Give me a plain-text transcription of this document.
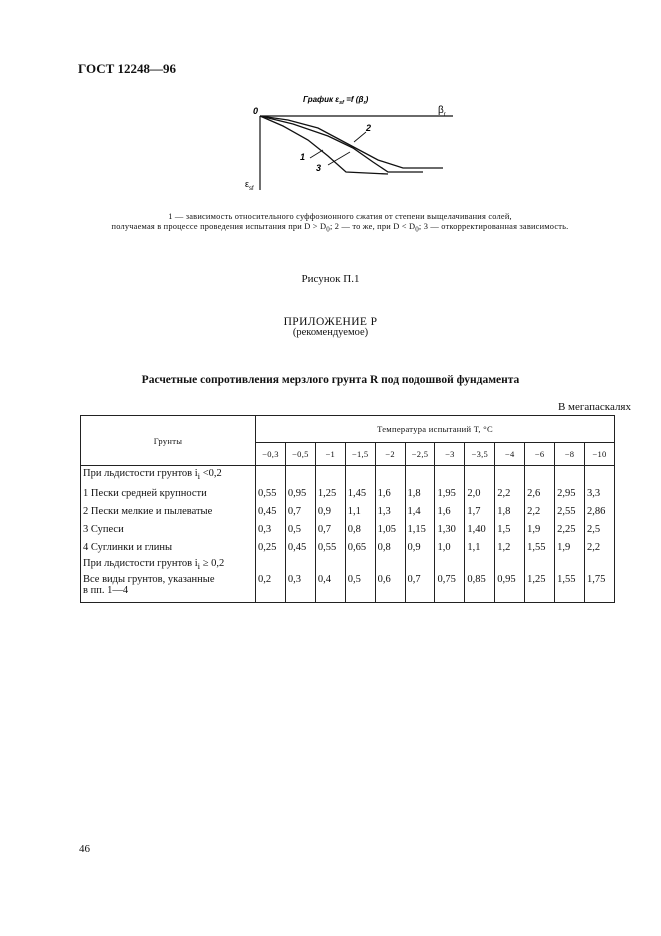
ГОСТ 12248—96
График $\varepsilon_{sf} =f$ $(\beta_r)$
0	$\beta_r$
$\varepsilon_{sf}$
1
2
3
1 — зависимость относительного суффозионного сжатия от степени выщелачивания солей,
получаемая в процессе проведения испытания при $D > D_0$; 2 — то же, при $D < D_0$; 3 — откорректированная зависимость.
Рисунок П.1
ПРИЛОЖЕНИЕ Р
(рекомендуемое)
Расчетные сопротивления мерзлого грунта R под подошвой фундамента
В мегапаскалях
Грунты	Температура испытаний Т, °С											
	−0,3	−0,5	−1	−1,5	−2	−2,5	−3	−3,5	−4	−6	−8	−10
При льдистости грунтов $i_i <0,2$												
1 Пески средней крупности	0,55	0,95	1,25	1,45	1,6	1,8	1,95	2,0	2,2	2,6	2,95	3,3
2 Пески мелкие и пылеватые	0,45	0,7	0,9	1,1	1,3	1,4	1,6	1,7	1,8	2,2	2,55	2,86
3 Супеси	0,3	0,5	0,7	0,8	1,05	1,15	1,30	1,40	1,5	1,9	2,25	2,5
4 Суглинки и глины	0,25	0,45	0,55	0,65	0,8	0,9	1,0	1,1	1,2	1,55	1,9	2,2
При льдистости грунтов $i_i \ge 0,2$												
Все виды грунтов, указанные
в пп. 1—4	0,2	0,3	0,4	0,5	0,6	0,7	0,75	0,85	0,95	1,25	1,55	1,75
46
